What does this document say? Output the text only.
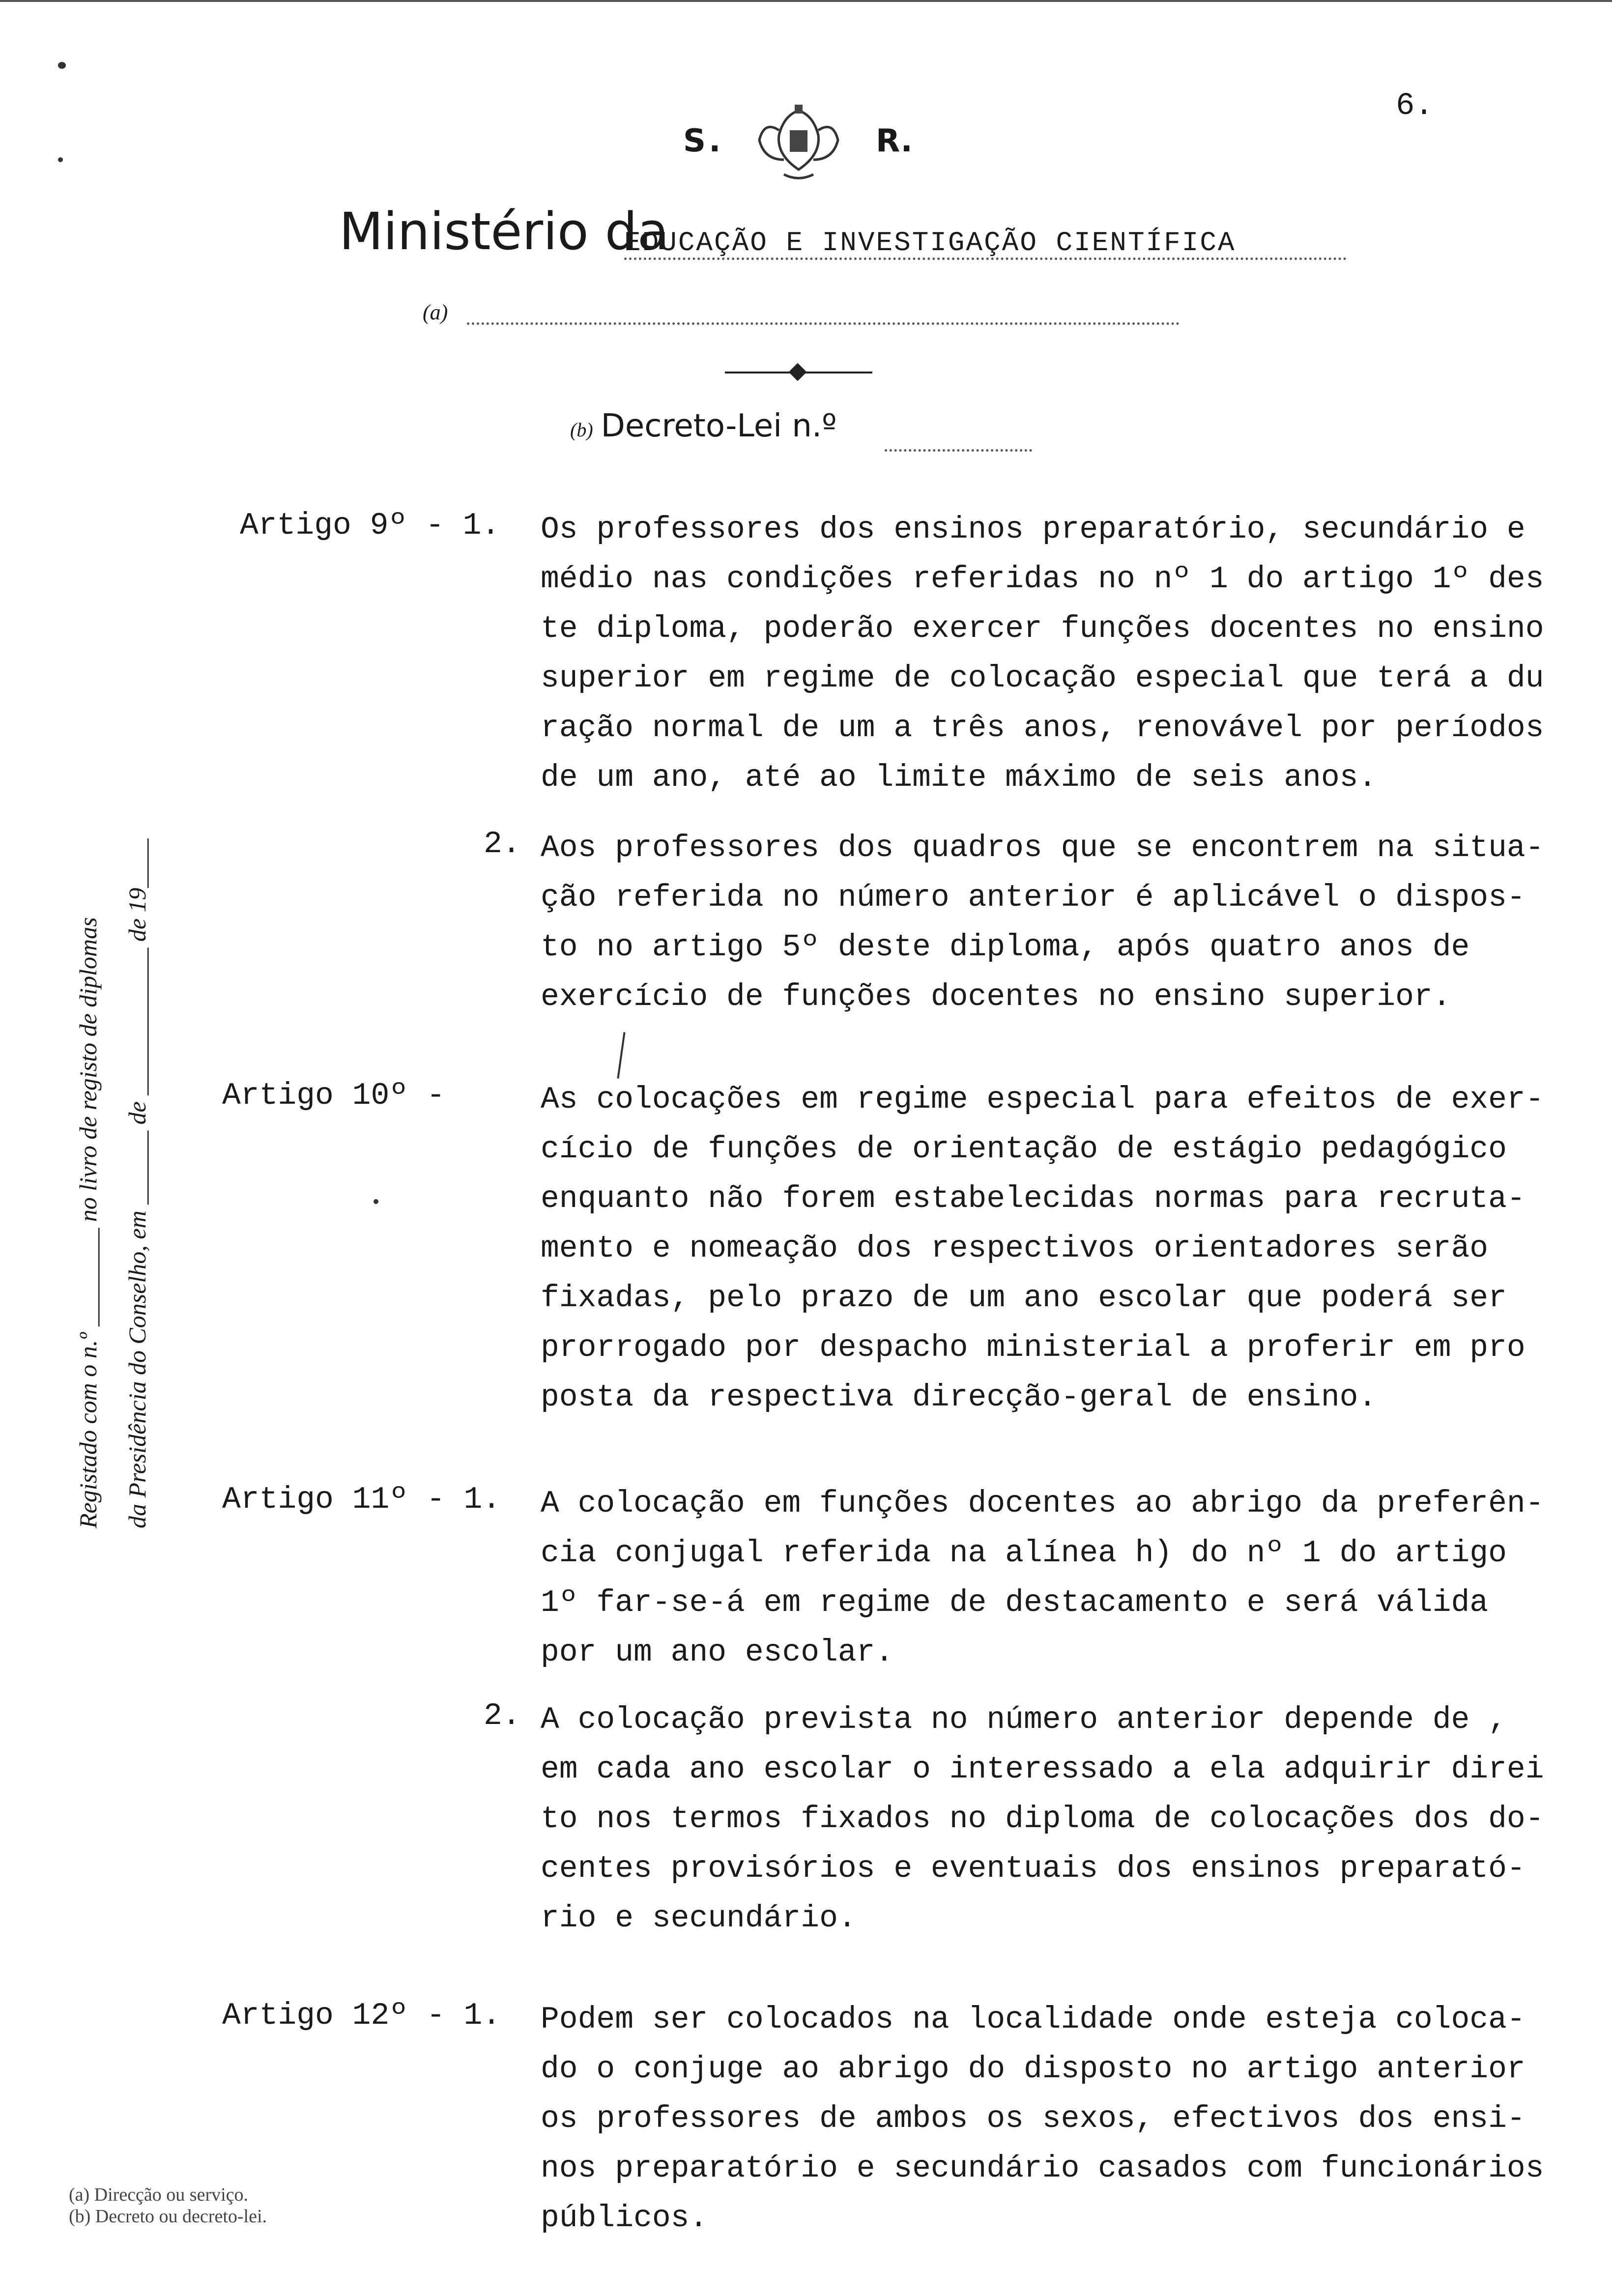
6.
S.	R.
Ministério da
EDUCAÇÃO E INVESTIGAÇÃO CIENTÍFICA
(a)
(b) Decreto-Lei n.º
Registado com o n.º ________ no livro de registo de diplomas da Presidência do Conselho, em ______ de ____________ de 19____
Artigo 9º - 1. Os professores dos ensinos preparatório, secundário e
médio nas condições referidas no nº 1 do artigo 1º des
te diploma, poderão exercer funções docentes no ensino
superior em regime de colocação especial que terá a du
ração normal de um a três anos, renovável por períodos
de um ano, até ao limite máximo de seis anos.
2. Aos professores dos quadros que se encontrem na situa-
ção referida no número anterior é aplicável o dispos-
to no artigo 5º deste diploma, após quatro anos de
exercício de funções docentes no ensino superior.
Artigo 10º -	As colocações em regime especial para efeitos de exer-
cício de funções de orientação de estágio pedagógico
enquanto não forem estabelecidas normas para recruta-
mento e nomeação dos respectivos orientadores serão
fixadas, pelo prazo de um ano escolar que poderá ser
prorrogado por despacho ministerial a proferir em pro
posta da respectiva direcção-geral de ensino.
Artigo 11º - 1. A colocação em funções docentes ao abrigo da preferên-
cia conjugal referida na alínea h) do nº 1 do artigo
1º far-se-á em regime de destacamento e será válida
por um ano escolar.
2. A colocação prevista no número anterior depende de ,
em cada ano escolar o interessado a ela adquirir direi
to nos termos fixados no diploma de colocações dos do-
centes provisórios e eventuais dos ensinos preparató-
rio e secundário.
Artigo 12º - 1. Podem ser colocados na localidade onde esteja coloca-
do o conjuge ao abrigo do disposto no artigo anterior
os professores de ambos os sexos, efectivos dos ensi-
nos preparatório e secundário casados com funcionários
públicos.
(a) Direcção ou serviço.
(b) Decreto ou decreto-lei.
